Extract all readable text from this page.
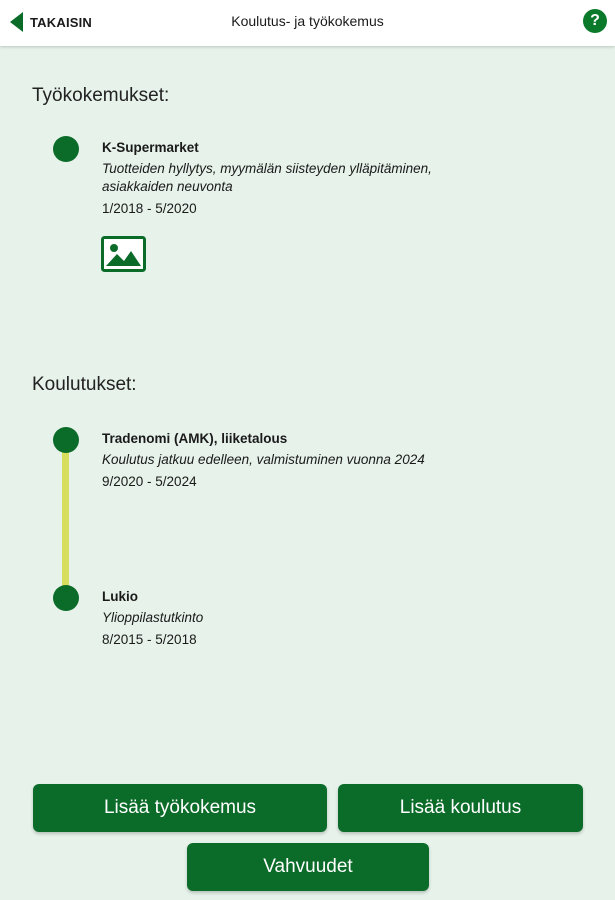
TAKAISIN	Koulutus- ja työkokemus	?
Työkokemukset:
K-Supermarket
Tuotteiden hyllytys, myymälän siisteyden ylläpitäminen,
asiakkaiden neuvonta
1/2018 - 5/2020
Koulutukset:
Tradenomi (AMK), liiketalous
Koulutus jatkuu edelleen, valmistuminen vuonna 2024
9/2020 - 5/2024
Lukio
Ylioppilastutkinto
8/2015 - 5/2018
Lisää työkokemus	Lisää koulutus
Vahvuudet
